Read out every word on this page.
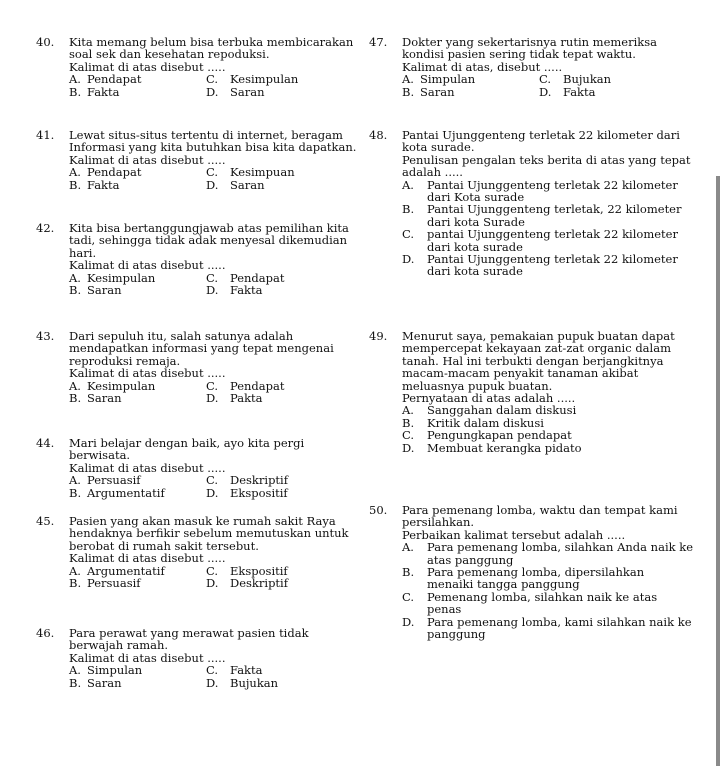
40. Kita memang belum bisa terbuka membicarakan
soal sek dan kesehatan repoduksi.
Kalimat di atas disebut .....
A. Pendapat	C. Kesimpulan
B. Fakta	D. Saran
41. Lewat situs-situs tertentu di internet, beragam
Informasi yang kita butuhkan bisa kita dapatkan.
Kalimat di atas disebut .....
A. Pendapat	C. Kesimpuan
B. Fakta	D. Saran
42. Kita bisa bertanggungjawab atas pemilihan kita
tadi, sehingga tidak adak menyesal dikemudian
hari.
Kalimat di atas disebut .....
A. Kesimpulan	C. Pendapat
B. Saran	D. Fakta
43. Dari sepuluh itu, salah satunya adalah
mendapatkan informasi yang tepat mengenai
reproduksi remaja.
Kalimat di atas disebut .....
A. Kesimpulan	C. Pendapat
B. Saran	D. Pakta
44. Mari belajar dengan baik, ayo kita pergi
berwisata.
Kalimat di atas disebut .....
A. Persuasif	C. Deskriptif
B. Argumentatif	D. Ekspositif
45. Pasien yang akan masuk ke rumah sakit Raya
hendaknya berfikir sebelum memutuskan untuk
berobat di rumah sakit tersebut.
Kalimat di atas disebut .....
A. Argumentatif	C. Ekspositif
B. Persuasif	D. Deskriptif
46. Para perawat yang merawat pasien tidak
berwajah ramah.
Kalimat di atas disebut .....
A. Simpulan	C. Fakta
B. Saran	D. Bujukan
47. Dokter yang sekertarisnya rutin memeriksa
kondisi pasien sering tidak tepat waktu.
Kalimat di atas, disebut .....
A. Simpulan	C. Bujukan
B. Saran	D. Fakta
48. Pantai Ujunggenteng terletak 22 kilometer dari
kota surade.
Penulisan pengalan teks berita di atas yang tepat
adalah .....
A. Pantai Ujunggenteng terletak 22 kilometer
dari Kota surade
B. Pantai Ujunggenteng terletak, 22 kilometer
dari kota Surade
C. pantai Ujunggenteng terletak 22 kilometer
dari kota surade
D. Pantai Ujunggenteng terletak 22 kilometer
dari kota surade
49. Menurut saya, pemakaian pupuk buatan dapat
mempercepat kekayaan zat-zat organic dalam
tanah. Hal ini terbukti dengan berjangkitnya
macam-macam penyakit tanaman akibat
meluasnya pupuk buatan.
Pernyataan di atas adalah .....
A. Sanggahan dalam diskusi
B. Kritik dalam diskusi
C. Pengungkapan pendapat
D. Membuat kerangka pidato
50. Para pemenang lomba, waktu dan tempat kami
persilahkan.
Perbaikan kalimat tersebut adalah .....
A. Para pemenang lomba, silahkan Anda naik ke
atas panggung
B. Para pemenang lomba, dipersilahkan
menaiki tangga panggung
C. Pemenang lomba, silahkan naik ke atas
penas
D. Para pemenang lomba, kami silahkan naik ke
panggung
